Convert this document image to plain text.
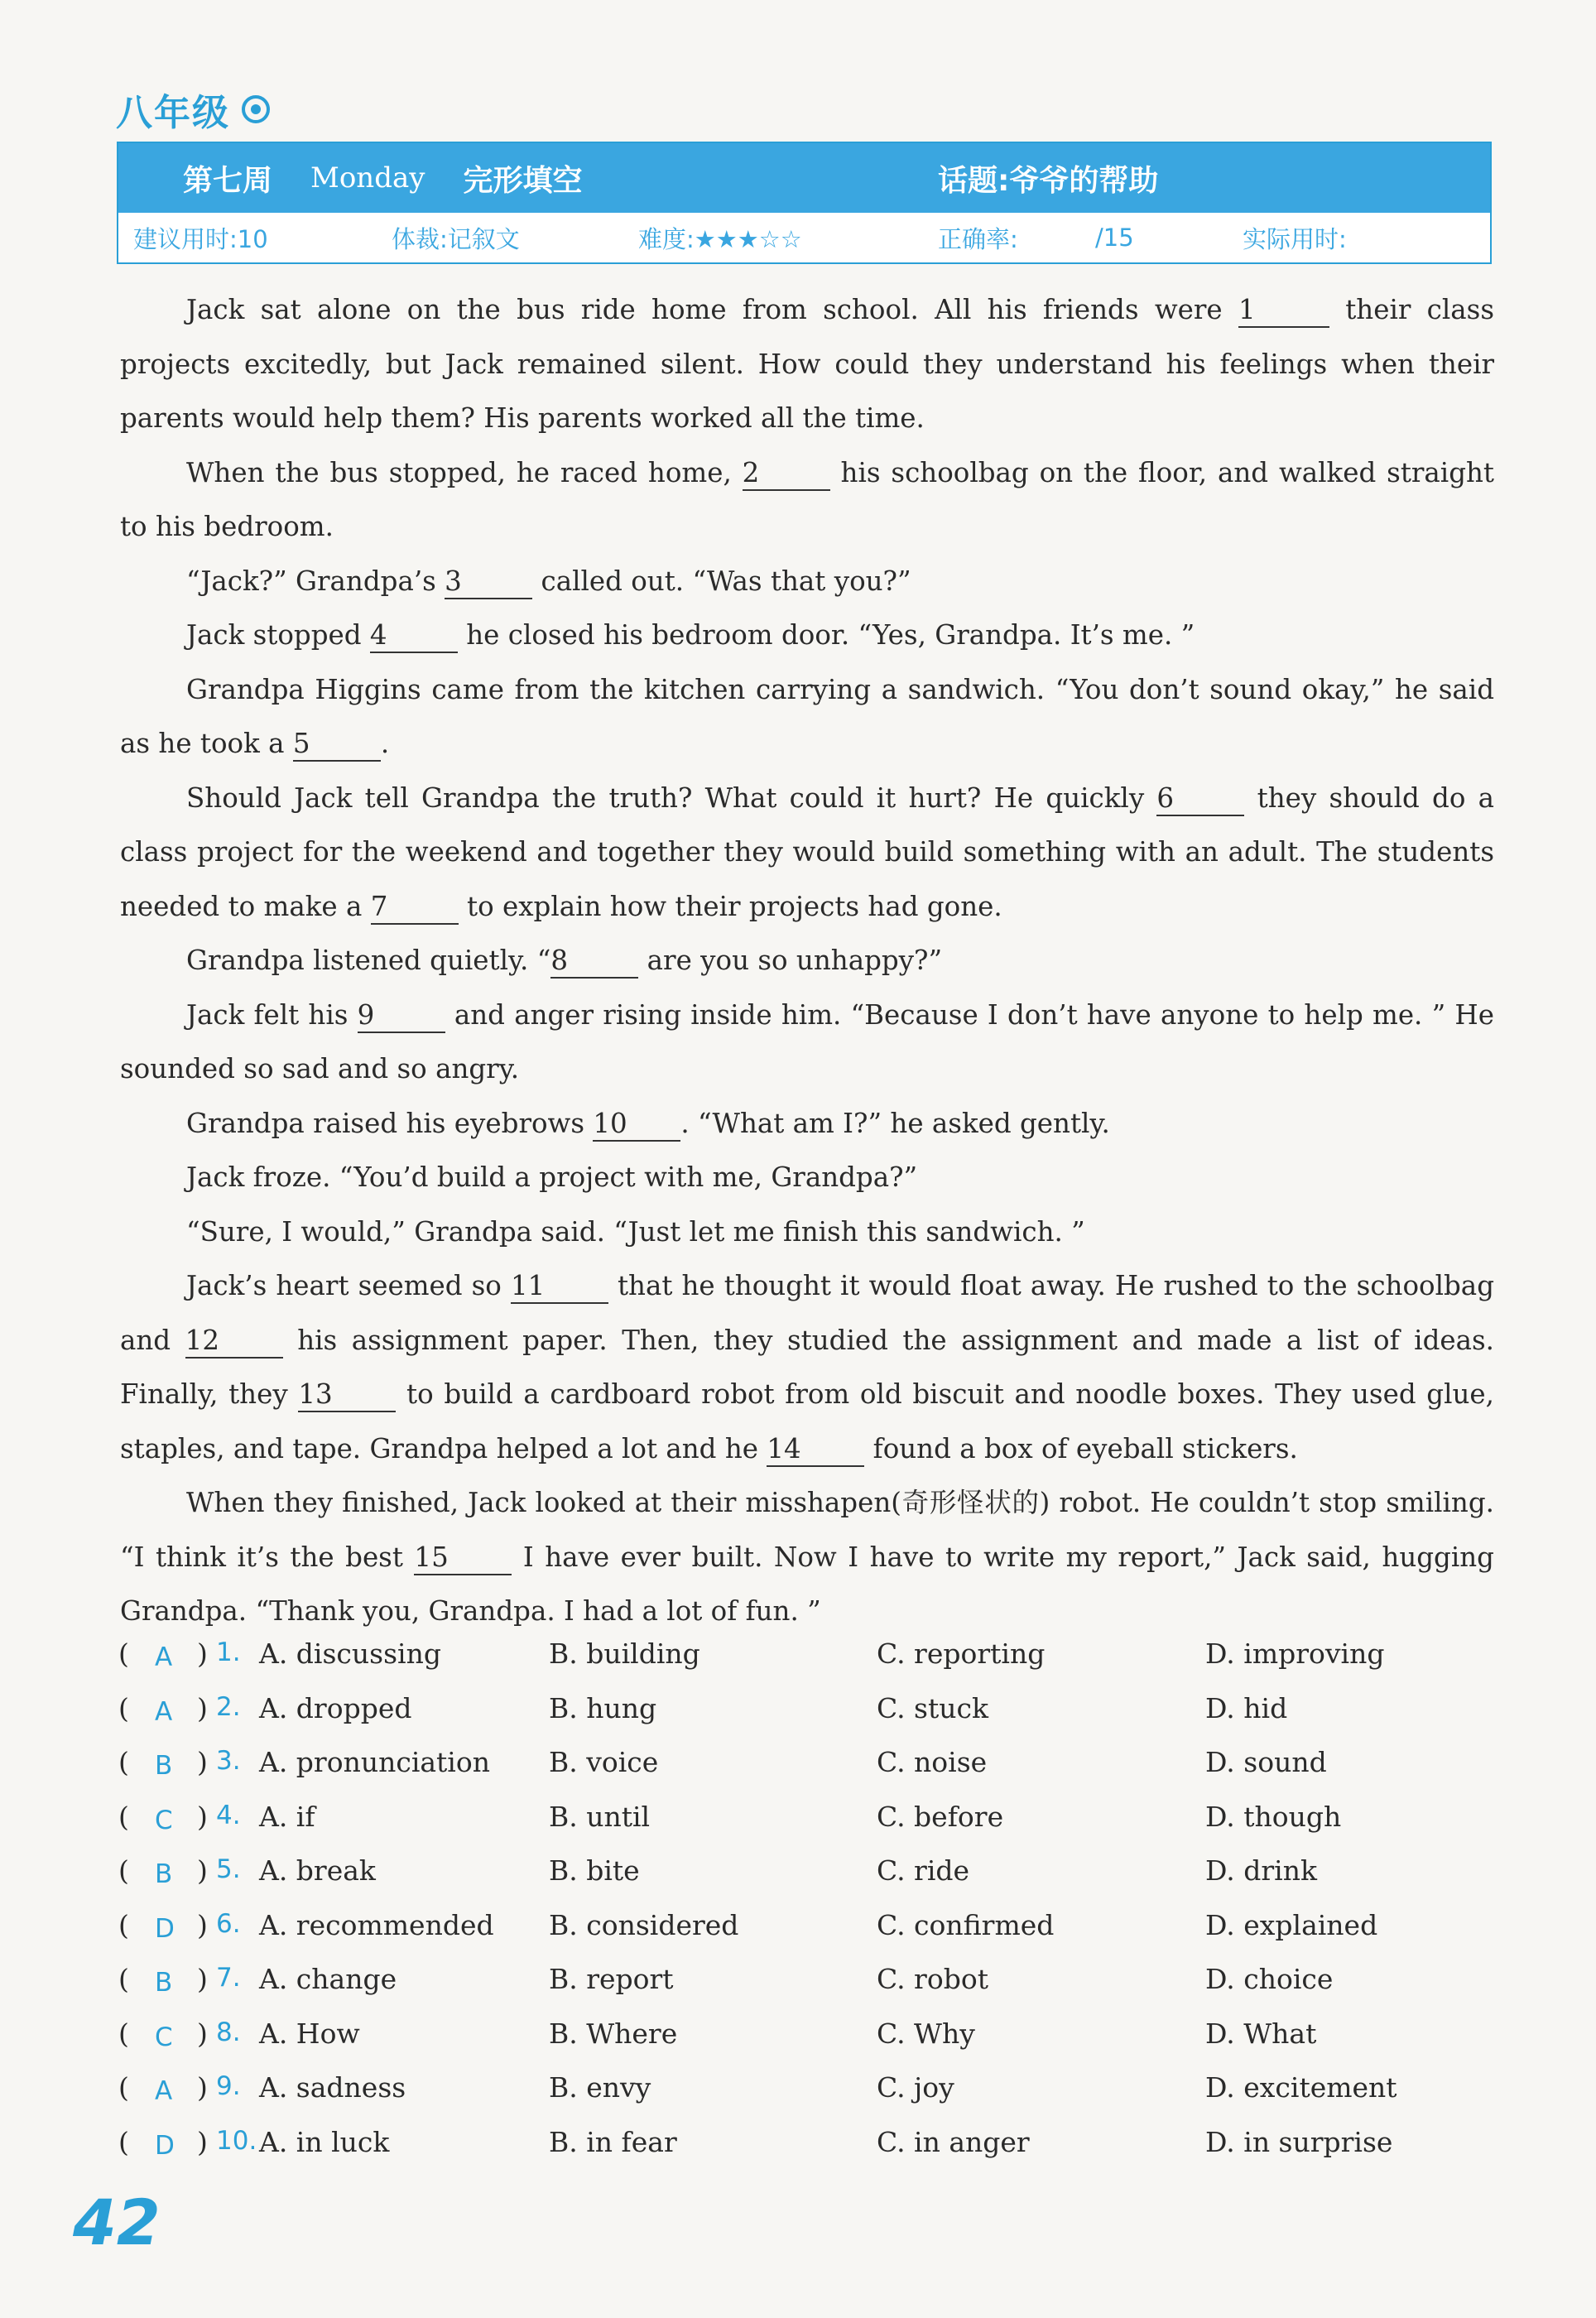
八年级
第七周 Monday 完形填空	话题:爷爷的帮助
建议用时:10	体裁:记叙文	难度:★★★☆☆	正确率:	/15	实际用时:

Jack sat alone on the bus ride home from school. All his friends were 1	their class projects excitedly, but Jack remained silent. How could they understand his feelings when their parents would help them? His parents worked all the time.

When the bus stopped, he raced home, 2	his schoolbag on the floor, and walked straight to his bedroom.

“Jack?” Grandpa’s 3	called out. “Was that you?”

Jack stopped 4	he closed his bedroom door. “Yes, Grandpa. It’s me. ”

Grandpa Higgins came from the kitchen carrying a sandwich. “You don’t sound okay,” he said as he took a 5	.

Should Jack tell Grandpa the truth? What could it hurt? He quickly 6	they should do a class project for the weekend and together they would build something with an adult. The students needed to make a 7	to explain how their projects had gone.

Grandpa listened quietly. “8	are you so unhappy?”

Jack felt his 9	and anger rising inside him. “Because I don’t have anyone to help me. ” He sounded so sad and so angry.

Grandpa raised his eyebrows 10 . “What am I?” he asked gently.

Jack froze. “You’d build a project with me, Grandpa?”

“Sure, I would,” Grandpa said. “Just let me finish this sandwich. ”

Jack’s heart seemed so 11 that he thought it would float away. He rushed to the schoolbag and 12 his assignment paper. Then, they studied the assignment and made a list of ideas. Finally, they 13 to build a cardboard robot from old biscuit and noodle boxes. They used glue, staples, and tape. Grandpa helped a lot and he 14 found a box of eyeball stickers.

When they finished, Jack looked at their misshapen(奇形怪状的) robot. He couldn’t stop smiling. “I think it’s the best 15 I have ever built. Now I have to write my report,” Jack said, hugging Grandpa. “Thank you, Grandpa. I had a lot of fun. ”

( A ) 1. A. discussing	B. building	C. reporting	D. improving
( A ) 2. A. dropped	B. hung	C. stuck	D. hid
( B ) 3. A. pronunciation B. voice	C. noise	D. sound
( C ) 4. A. if	B. until	C. before	D. though
( B ) 5. A. break	B. bite	C. ride	D. drink
( D ) 6. A. recommended B. considered	C. confirmed	D. explained
( B ) 7. A. change	B. report	C. robot	D. choice
( C ) 8. A. How	B. Where	C. Why	D. What
( A ) 9. A. sadness	B. envy	C. joy	D. excitement
( D ) 10. A. in luck	B. in fear	C. in anger	D. in surprise
42
